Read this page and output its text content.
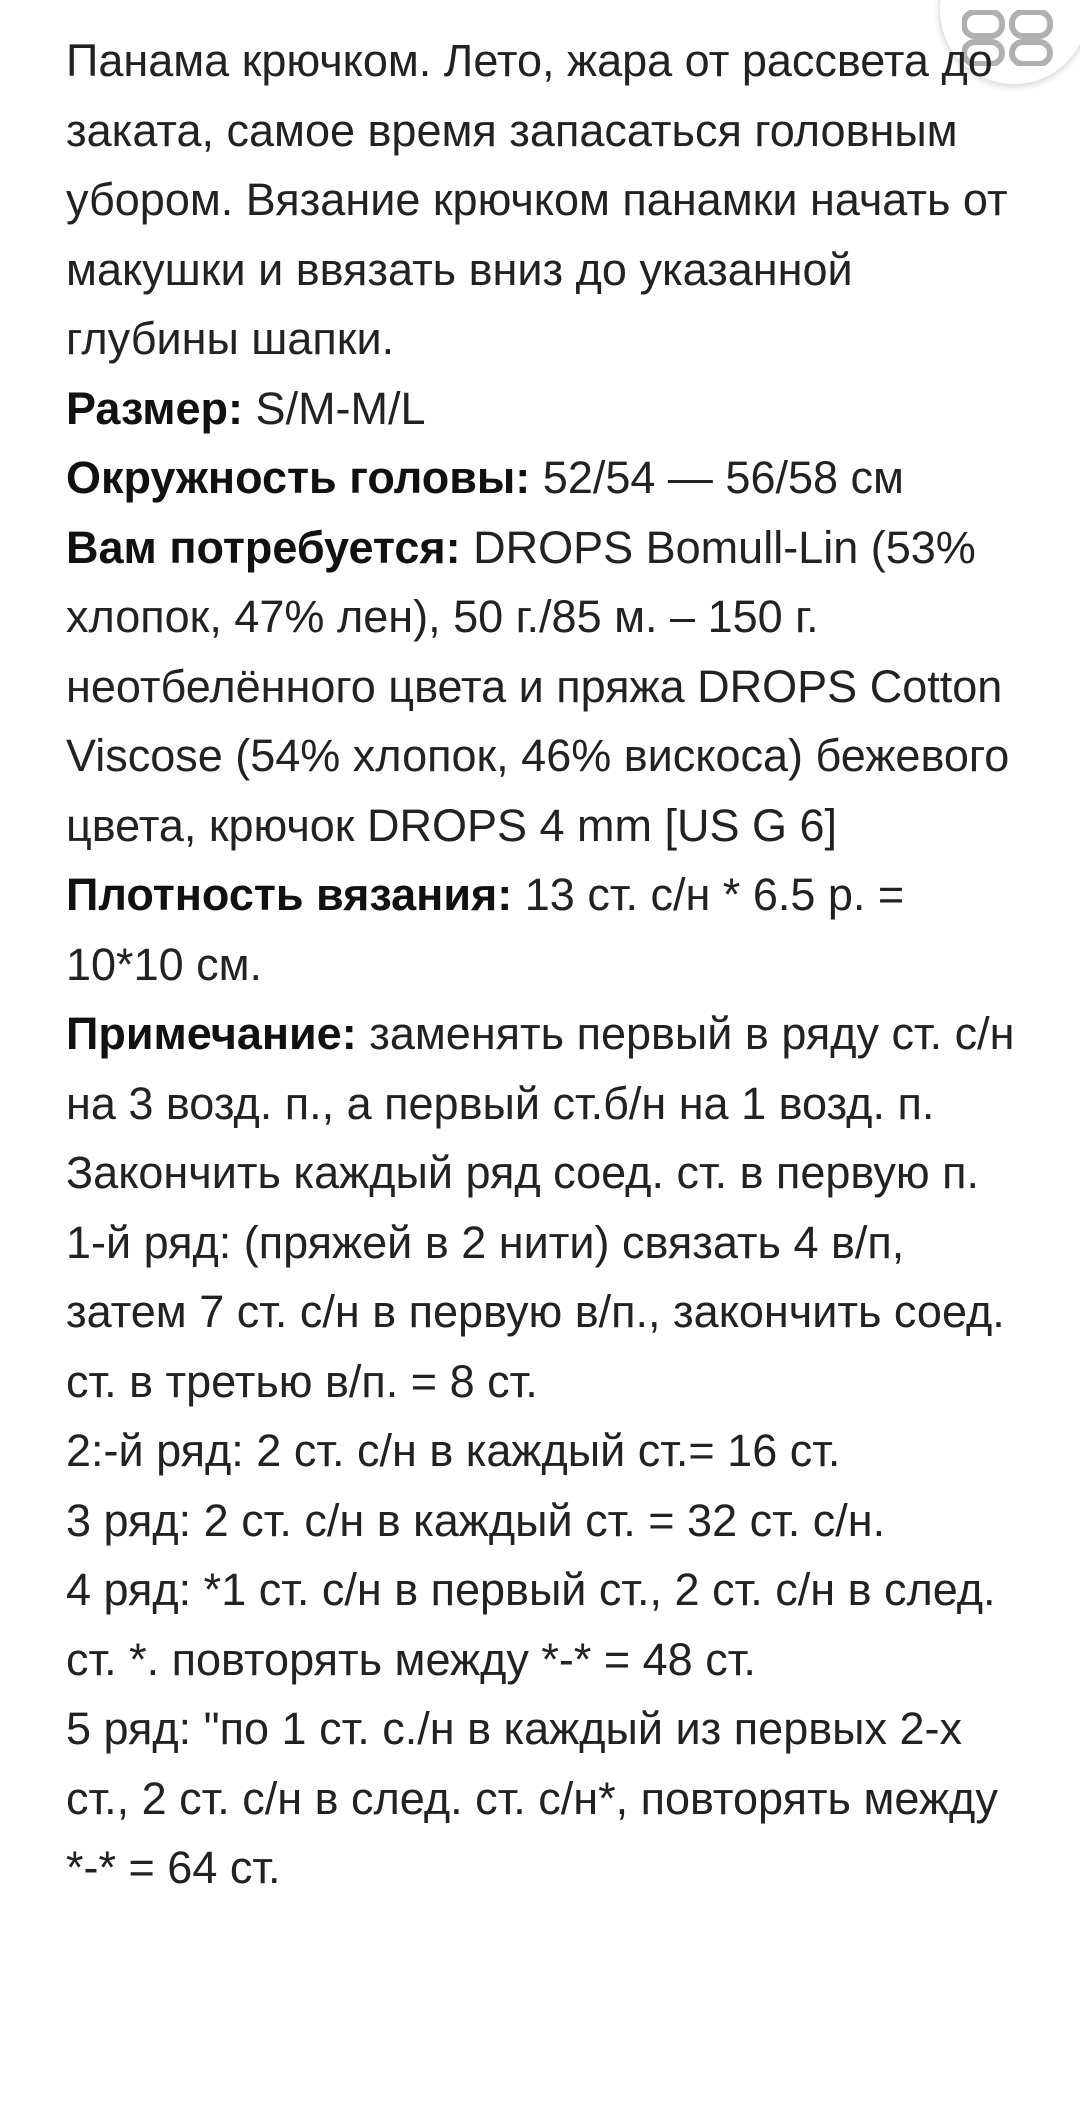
Панама крючком. Лето, жара от рассвета до заката, самое время запасаться головным убором. Вязание крючком панамки начать от макушки и ввязать вниз до указанной глубины шапки.

Размер: S/M-M/L

Окружность головы: 52/54 — 56/58 см

Вам потребуется: DROPS Bomull-Lin (53% хлопок, 47% лен), 50 г./85 м. – 150 г. неотбелённого цвета и пряжа DROPS Cotton Viscose (54% хлопок, 46% вискоса) бежевого цвета, крючок DROPS 4 mm [US G 6]

Плотность вязания: 13 ст. с/н * 6.5 р. = 10*10 см.

Примечание: заменять первый в ряду ст. с/н на 3 возд. п., а первый ст.б/н на 1 возд. п.

Закончить каждый ряд соед. ст. в первую п.

1-й ряд: (пряжей в 2 нити) связать 4 в/п, затем 7 ст. с/н в первую в/п., закончить соед. ст. в третью в/п. = 8 ст.

2:-й ряд: 2 ст. с/н в каждый ст.= 16 ст.

3 ряд: 2 ст. с/н в каждый ст. = 32 ст. с/н.

4 ряд: *1 ст. с/н в первый ст., 2 ст. с/н в след. ст. *. повторять между *-* = 48 ст.

5 ряд: "по 1 ст. с./н в каждый из первых 2-х ст., 2 ст. с/н в след. ст. с/н*, повторять между *-* = 64 ст.
